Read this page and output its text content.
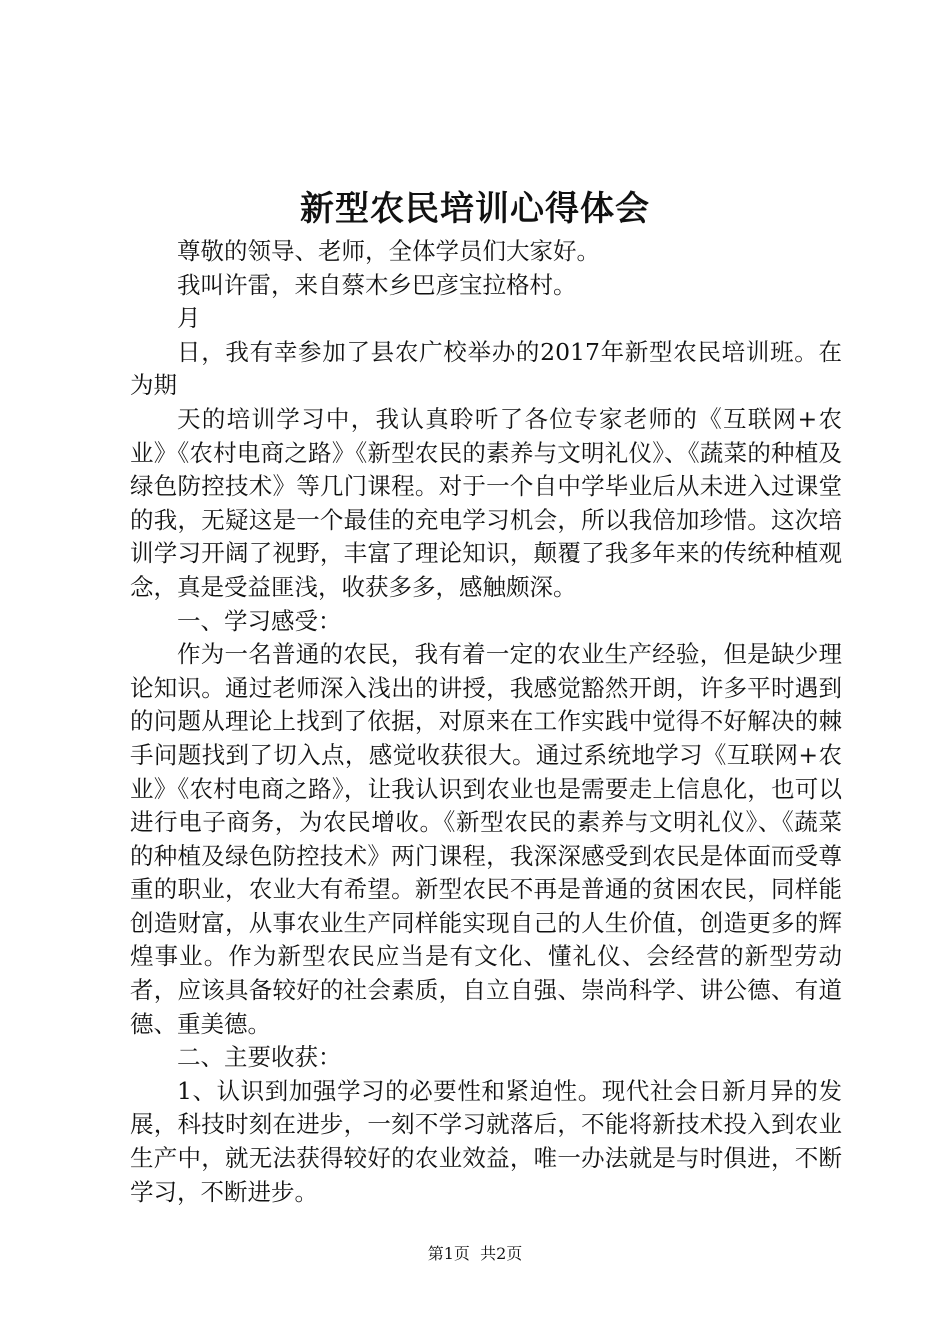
新型农民培训心得体会

尊敬的领导、老师，全体学员们大家好。

我叫许雷，来自蔡木乡巴彦宝拉格村。

月

日，我有幸参加了县农广校举办的2017年新型农民培训班。在为期

天的培训学习中，我认真聆听了各位专家老师的《互联网+农业》《农村电商之路》《新型农民的素养与文明礼仪》、《蔬菜的种植及绿色防控技术》等几门课程。对于一个自中学毕业后从未进入过课堂的我，无疑这是一个最佳的充电学习机会，所以我倍加珍惜。这次培训学习开阔了视野，丰富了理论知识，颠覆了我多年来的传统种植观念，真是受益匪浅，收获多多，感触颇深。

一、学习感受：

作为一名普通的农民，我有着一定的农业生产经验，但是缺少理论知识。通过老师深入浅出的讲授，我感觉豁然开朗，许多平时遇到的问题从理论上找到了依据，对原来在工作实践中觉得不好解决的棘手问题找到了切入点，感觉收获很大。通过系统地学习《互联网+农业》《农村电商之路》，让我认识到农业也是需要走上信息化，也可以进行电子商务，为农民增收。《新型农民的素养与文明礼仪》、《蔬菜的种植及绿色防控技术》两门课程，我深深感受到农民是体面而受尊重的职业，农业大有希望。新型农民不再是普通的贫困农民，同样能创造财富，从事农业生产同样能实现自己的人生价值，创造更多的辉煌事业。作为新型农民应当是有文化、懂礼仪、会经营的新型劳动者，应该具备较好的社会素质，自立自强、崇尚科学、讲公德、有道德、重美德。

二、主要收获：

1、认识到加强学习的必要性和紧迫性。现代社会日新月异的发展，科技时刻在进步，一刻不学习就落后，不能将新技术投入到农业生产中，就无法获得较好的农业效益，唯一办法就是与时俱进，不断学习，不断进步。

第1页  共2页
